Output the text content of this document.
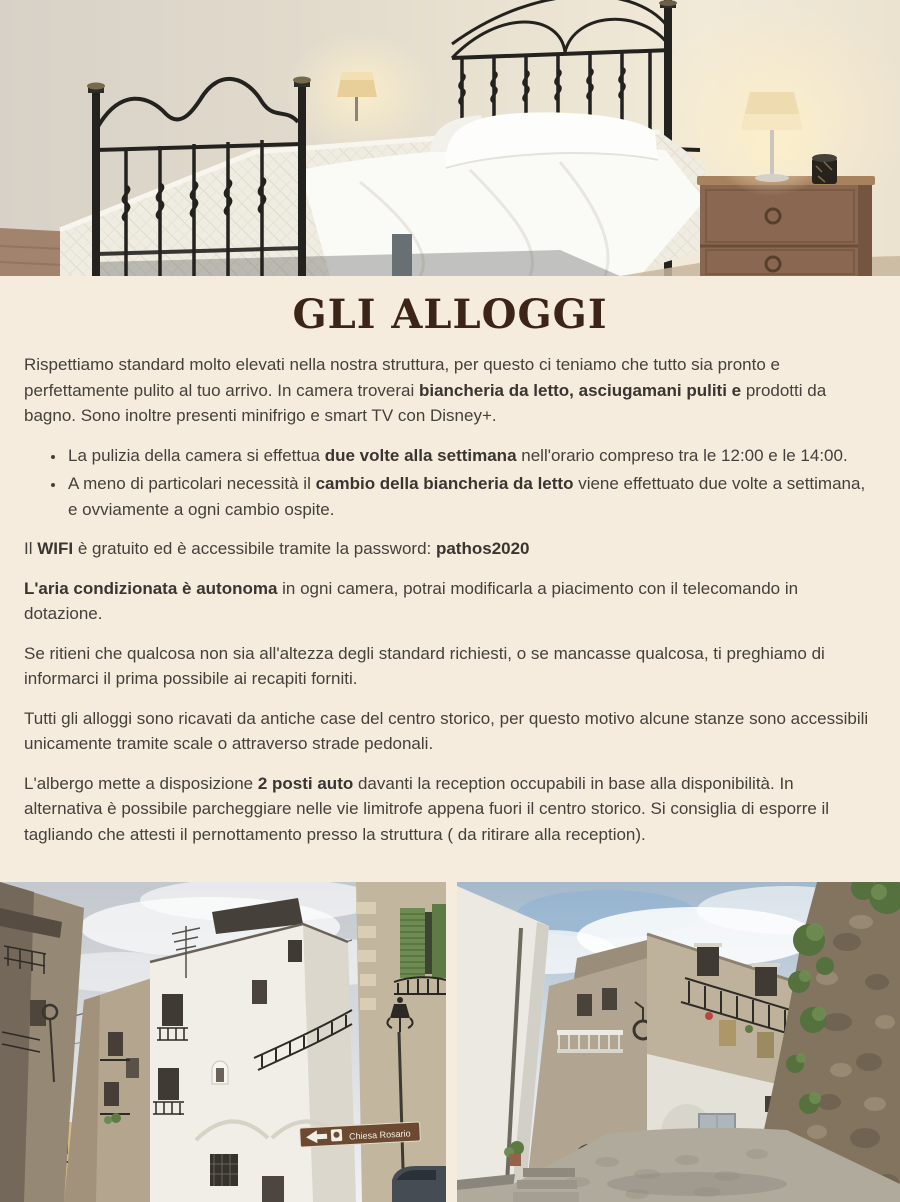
GLI ALLOGGI

Rispettiamo standard molto elevati nella nostra struttura, per questo ci teniamo che tutto sia pronto e perfettamente pulito al tuo arrivo. In camera troverai biancheria da letto, asciugamani puliti e prodotti da bagno. Sono inoltre presenti minifrigo e smart TV con Disney+.

• La pulizia della camera si effettua due volte alla settimana nell'orario compreso tra le 12:00 e le 14:00.
• A meno di particolari necessità il cambio della biancheria da letto viene effettuato due volte a settimana, e ovviamente a ogni cambio ospite.

Il WIFI è gratuito ed è accessibile tramite la password: pathos2020

L'aria condizionata è autonoma in ogni camera, potrai modificarla a piacimento con il telecomando in dotazione.

Se ritieni che qualcosa non sia all'altezza degli standard richiesti, o se mancasse qualcosa, ti preghiamo di informarci il prima possibile ai recapiti forniti.

Tutti gli alloggi sono ricavati da antiche case del centro storico, per questo motivo alcune stanze sono accessibili unicamente tramite scale o attraverso strade pedonali.

L'albergo mette a disposizione 2 posti auto davanti la reception occupabili in base alla disponibilità. In alternativa è possibile parcheggiare nelle vie limitrofe appena fuori il centro storico. Si consiglia di esporre il tagliando che attesti il pernottamento presso la struttura ( da ritirare alla reception).

Chiesa Rosario
